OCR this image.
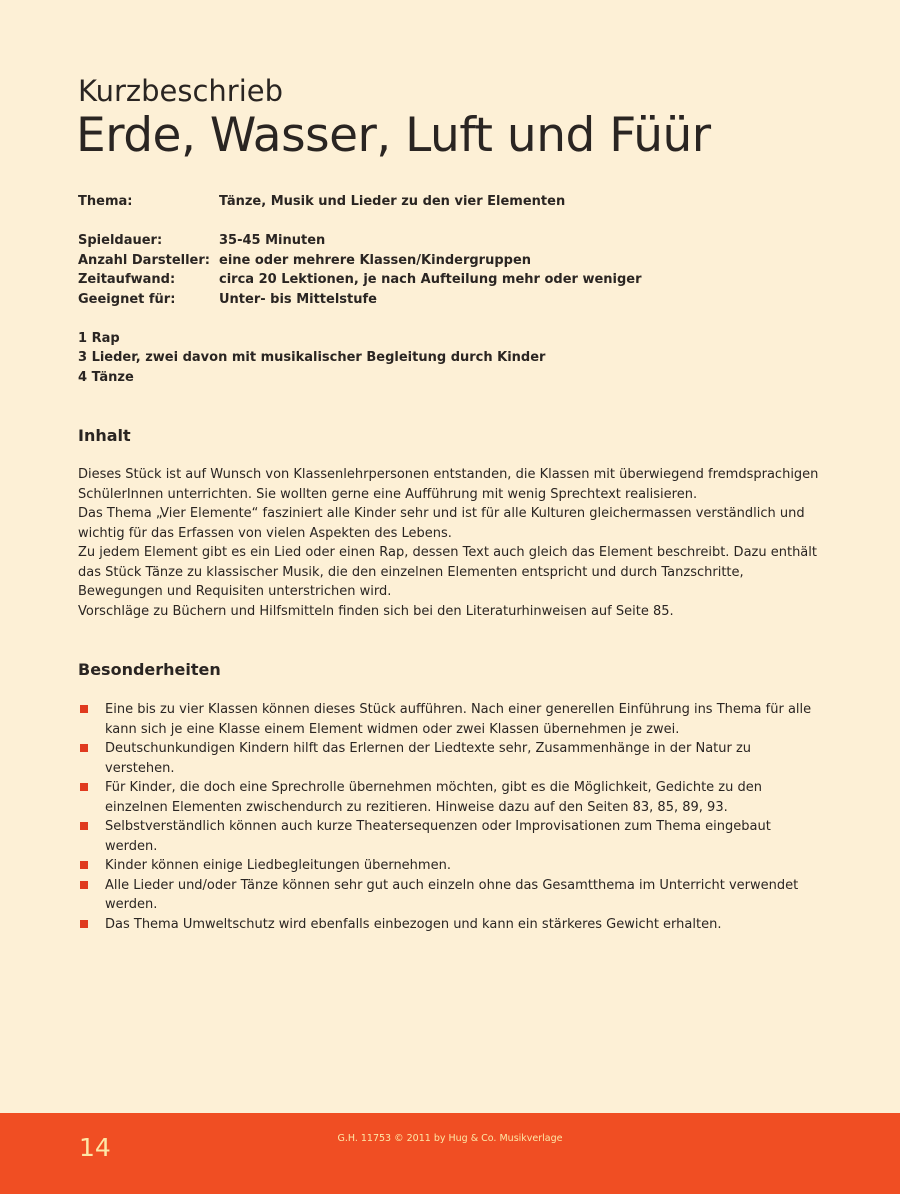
Kurzbeschrieb
Erde, Wasser, Luft und Füür
Thema:	Tänze, Musik und Lieder zu den vier Elementen
Spieldauer:	35-45 Minuten
Anzahl Darsteller: eine oder mehrere Klassen/Kindergruppen
Zeitaufwand:	circa 20 Lektionen, je nach Aufteilung mehr oder weniger
Geeignet für:	Unter- bis Mittelstufe
1 Rap
3 Lieder, zwei davon mit musikalischer Begleitung durch Kinder
4 Tänze
Inhalt

Dieses Stück ist auf Wunsch von Klassenlehrpersonen entstanden, die Klassen mit überwiegend fremdsprachigen SchülerInnen unterrichten. Sie wollten gerne eine Aufführung mit wenig Sprechtext realisieren.

Das Thema „Vier Elemente“ fasziniert alle Kinder sehr und ist für alle Kulturen gleichermassen verständlich und wichtig für das Erfassen von vielen Aspekten des Lebens.

Zu jedem Element gibt es ein Lied oder einen Rap, dessen Text auch gleich das Element beschreibt. Dazu enthält das Stück Tänze zu klassischer Musik, die den einzelnen Elementen entspricht und durch Tanzschritte, Bewegungen und Requisiten unterstrichen wird.

Vorschläge zu Büchern und Hilfsmitteln finden sich bei den Literaturhinweisen auf Seite 85.

Besonderheiten
Eine bis zu vier Klassen können dieses Stück aufführen. Nach einer generellen Einführung ins Thema für alle kann sich je eine Klasse einem Element widmen oder zwei Klassen übernehmen je zwei.
Deutschunkundigen Kindern hilft das Erlernen der Liedtexte sehr, Zusammenhänge in der Natur zu verstehen.
Für Kinder, die doch eine Sprechrolle übernehmen möchten, gibt es die Möglichkeit, Gedichte zu den einzelnen Elementen zwischendurch zu rezitieren. Hinweise dazu auf den Seiten 83, 85, 89, 93.
Selbstverständlich können auch kurze Theatersequenzen oder Improvisationen zum Thema eingebaut werden.
Kinder können einige Liedbegleitungen übernehmen.
Alle Lieder und/oder Tänze können sehr gut auch einzeln ohne das Gesamtthema im Unterricht verwendet werden.
Das Thema Umweltschutz wird ebenfalls einbezogen und kann ein stärkeres Gewicht erhalten.
14	G.H. 11753 © 2011 by Hug & Co. Musikverlage
